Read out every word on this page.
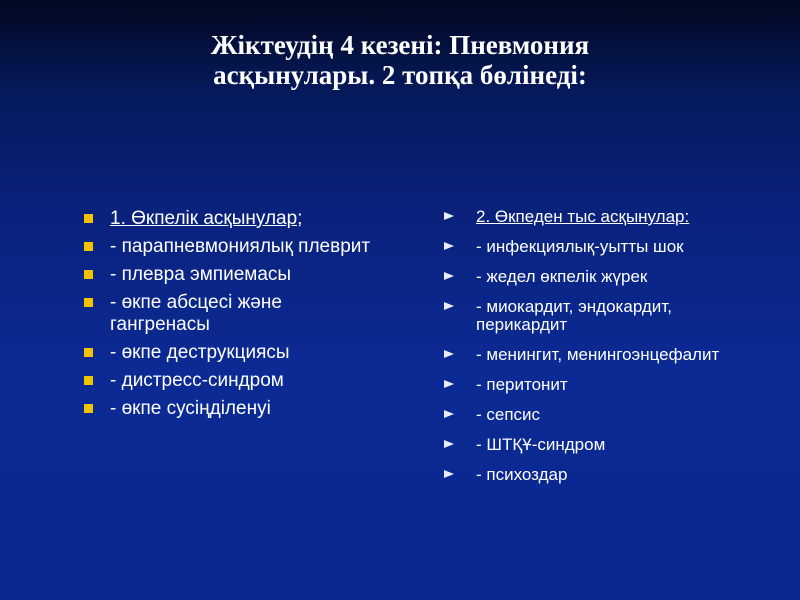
Жіктеудің 4 кезені: Пневмония
асқынулары. 2 топқа бөлінеді:
1. Өкпелік асқынулар;
- парапневмониялық плеврит
- плевра эмпиемасы
- өкпе абсцесі және гангренасы
- өкпе деструкциясы
- дистресс-синдром
- өкпе сусіңділенуі
2. Өкпеден тыс асқынулар:
- инфекциялық-уытты шок
- жедел өкпелік жүрек
- миокардит, эндокардит, перикардит
- менингит, менингоэнцефалит
- перитонит
- сепсис
- ШТҚҰ-синдром
- психоздар
